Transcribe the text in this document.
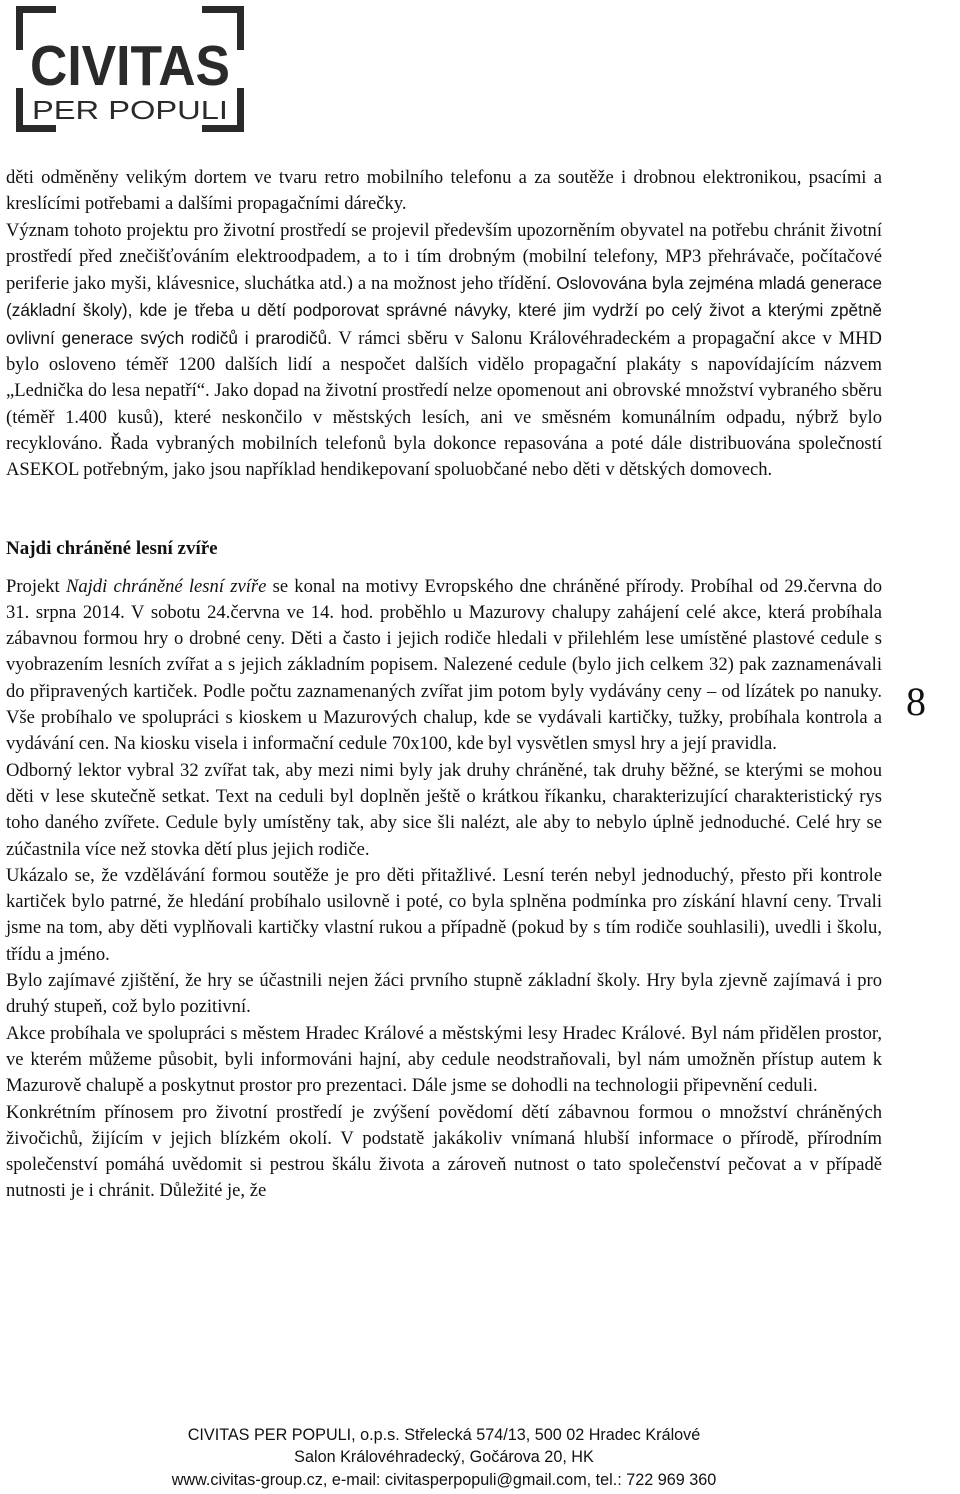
CIVITAS
PER POPULI

děti odměněny velikým dortem ve tvaru retro mobilního telefonu a za soutěže i drobnou elektronikou, psacími a kreslícími potřebami a dalšími propagačními dárečky.

Význam tohoto projektu pro životní prostředí se projevil především upozorněním obyvatel na potřebu chránit životní prostředí před znečišťováním elektroodpadem, a to i tím drobným (mobilní telefony, MP3 přehrávače, počítačové periferie jako myši, klávesnice, sluchátka atd.) a na možnost jeho třídění. Oslovována byla zejména mladá generace (základní školy), kde je třeba u dětí podporovat správné návyky, které jim vydrží po celý život a kterými zpětně ovlivní generace svých rodičů i prarodičů. V rámci sběru v Salonu Královéhradeckém a propagační akce v MHD bylo osloveno téměř 1200 dalších lidí a nespočet dalších vidělo propagační plakáty s napovídajícím názvem „Lednička do lesa nepatří“. Jako dopad na životní prostředí nelze opomenout ani obrovské množství vybraného sběru (téměř 1.400 kusů), které neskončilo v městských lesích, ani ve směsném komunálním odpadu, nýbrž bylo recyklováno. Řada vybraných mobilních telefonů byla dokonce repasována a poté dále distribuována společností ASEKOL potřebným, jako jsou například hendikepovaní spoluobčané nebo děti v dětských domovech.

Najdi chráněné lesní zvíře

Projekt Najdi chráněné lesní zvíře se konal na motivy Evropského dne chráněné přírody. Probíhal od 29.června do 31. srpna 2014. V sobotu 24.června ve 14. hod. proběhlo u Mazurovy chalupy zahájení celé akce, která probíhala zábavnou formou hry o drobné ceny. Děti a často i jejich rodiče hledali v přilehlém lese umístěné plastové cedule s vyobrazením lesních zvířat a s jejich základním popisem. Nalezené cedule (bylo jich celkem 32) pak zaznamenávali do připravených kartiček. Podle počtu zaznamenaných zvířat jim potom byly vydávány ceny – od lízátek po nanuky. Vše probíhalo ve spolupráci s kioskem u Mazurových chalup, kde se vydávali kartičky, tužky, probíhala kontrola a vydávání cen. Na kiosku visela i informační cedule 70x100, kde byl vysvětlen smysl hry a její pravidla.

Odborný lektor vybral 32 zvířat tak, aby mezi nimi byly jak druhy chráněné, tak druhy běžné, se kterými se mohou děti v lese skutečně setkat. Text na ceduli byl doplněn ještě o krátkou říkanku, charakterizující charakteristický rys toho daného zvířete. Cedule byly umístěny tak, aby sice šli nalézt, ale aby to nebylo úplně jednoduché. Celé hry se zúčastnila více než stovka dětí plus jejich rodiče.

Ukázalo se, že vzdělávání formou soutěže je pro děti přitažlivé. Lesní terén nebyl jednoduchý, přesto při kontrole kartiček bylo patrné, že hledání probíhalo usilovně i poté, co byla splněna podmínka pro získání hlavní ceny. Trvali jsme na tom, aby děti vyplňovali kartičky vlastní rukou a případně (pokud by s tím rodiče souhlasili), uvedli i školu, třídu a jméno.

Bylo zajímavé zjištění, že hry se účastnili nejen žáci prvního stupně základní školy. Hry byla zjevně zajímavá i pro druhý stupeň, což bylo pozitivní.

Akce probíhala ve spolupráci s městem Hradec Králové a městskými lesy Hradec Králové. Byl nám přidělen prostor, ve kterém můžeme působit, byli informováni hajní, aby cedule neodstraňovali, byl nám umožněn přístup autem k Mazurově chalupě a poskytnut prostor pro prezentaci. Dále jsme se dohodli na technologii připevnění ceduli.

Konkrétním přínosem pro životní prostředí je zvýšení povědomí dětí zábavnou formou o množství chráněných živočichů, žijícím v jejich blízkém okolí. V podstatě jakákoliv vnímaná hlubší informace o přírodě, přírodním společenství pomáhá uvědomit si pestrou škálu života a zároveň nutnost o tato společenství pečovat a v případě nutnosti je i chránit. Důležité je, že

8
CIVITAS PER POPULI, o.p.s. Střelecká 574/13, 500 02 Hradec Králové
Salon Královéhradecký, Gočárova 20, HK
www.civitas-group.cz, e-mail: civitasperpopuli@gmail.com, tel.: 722 969 360
